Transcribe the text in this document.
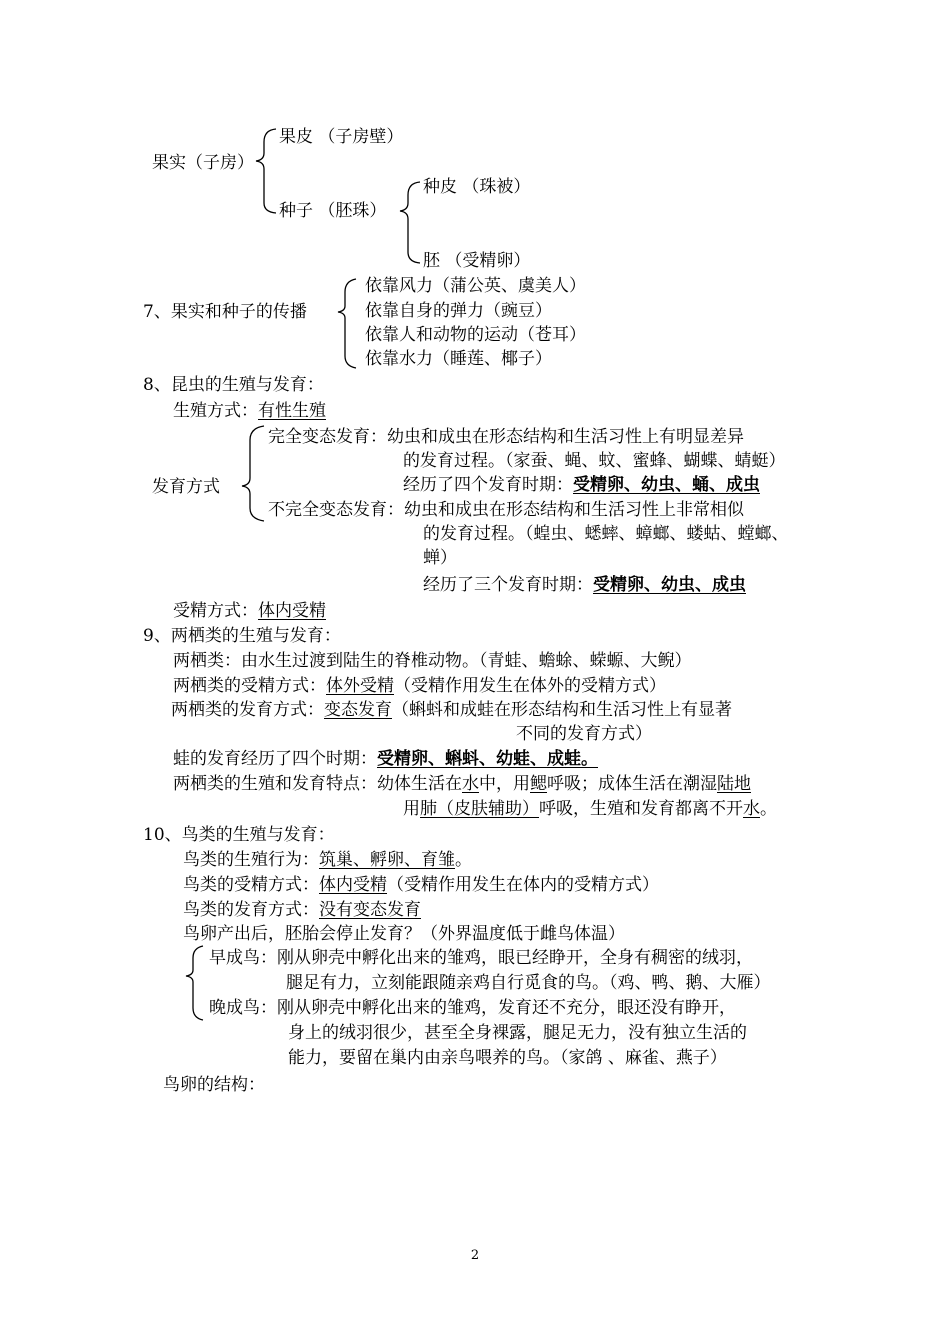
果实（子房）
果皮 （子房壁）
种子 （胚珠）
种皮 （珠被）
胚 （受精卵）
7、果实和种子的传播
依靠风力（蒲公英、虞美人）
依靠自身的弹力（豌豆）
依靠人和动物的运动（苍耳）
依靠水力（睡莲、椰子）
8、昆虫的生殖与发育：
生殖方式：有性生殖
发育方式
完全变态发育：幼虫和成虫在形态结构和生活习性上有明显差异
的发育过程。（家蚕、蝇、蚊、蜜蜂、蝴蝶、蜻蜓）
经历了四个发育时期：受精卵、幼虫、蛹、成虫
不完全变态发育：幼虫和成虫在形态结构和生活习性上非常相似
的发育过程。（蝗虫、蟋蟀、蟑螂、蝼蛄、螳螂、
蝉）
经历了三个发育时期：受精卵、幼虫、成虫
受精方式：体内受精
9、两栖类的生殖与发育：
两栖类：由水生过渡到陆生的脊椎动物。（青蛙、蟾蜍、蝾螈、大鲵）
两栖类的受精方式：体外受精（受精作用发生在体外的受精方式）
两栖类的发育方式：变态发育（蝌蚪和成蛙在形态结构和生活习性上有显著
不同的发育方式）
蛙的发育经历了四个时期：受精卵、蝌蚪、幼蛙、成蛙。
两栖类的生殖和发育特点：幼体生活在水中，用鳃呼吸；成体生活在潮湿陆地
用肺（皮肤辅助）呼吸，生殖和发育都离不开水。
10、鸟类的生殖与发育：
鸟类的生殖行为：筑巢、孵卵、育雏。
鸟类的受精方式：体内受精（受精作用发生在体内的受精方式）
鸟类的发育方式：没有变态发育
鸟卵产出后，胚胎会停止发育？（外界温度低于雌鸟体温）
早成鸟：刚从卵壳中孵化出来的雏鸡，眼已经睁开，全身有稠密的绒羽，
腿足有力，立刻能跟随亲鸡自行觅食的鸟。（鸡、鸭、鹅、大雁）
晚成鸟：刚从卵壳中孵化出来的雏鸡，发育还不充分，眼还没有睁开，
身上的绒羽很少，甚至全身裸露，腿足无力，没有独立生活的
能力，要留在巢内由亲鸟喂养的鸟。（家鸽 、麻雀、燕子）
鸟卵的结构：
2
